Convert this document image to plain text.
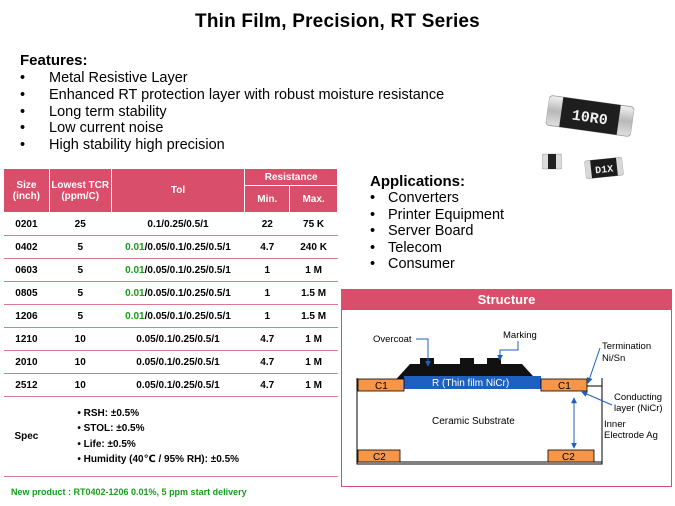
Thin Film, Precision, RT Series
Features:
• Metal Resistive Layer
• Enhanced RT protection layer with robust moisture resistance
• Long term stability
• Low current noise
• High stability high precision
10R0
D1X
Size (inch)	Lowest TCR (ppm/C)	Tol	Resistance	
			Min.	Max.
0201	25	0.1/0.25/0.5/1	22	75 K
0402	5	0.01/0.05/0.1/0.25/0.5/1	4.7	240 K
0603	5	0.01/0.05/0.1/0.25/0.5/1	1	1 M
0805	5	0.01/0.05/0.1/0.25/0.5/1	1	1.5 M
1206	5	0.01/0.05/0.1/0.25/0.5/1	1	1.5 M
1210	10	0.05/0.1/0.25/0.5/1	4.7	1 M
2010	10	0.05/0.1/0.25/0.5/1	4.7	1 M
2512	10	0.05/0.1/0.25/0.5/1	4.7	1 M
Spec	• RSH: ±0.5%
• STOL: ±0.5%
• Life: ±0.5%
• Humidity (40℃ / 95% RH): ±0.5%			
New product : RT0402-1206 0.01%, 5 ppm start delivery
Applications:
• Converters
• Printer Equipment
• Server Board
• Telecom
• Consumer
Structure
Ceramic Substrate
R (Thin film NiCr)
C1	C1
C2	C2
Overcoat	Marking
Termination
Ni/Sn
Conducting
layer (NiCr)
Inner
Electrode Ag
